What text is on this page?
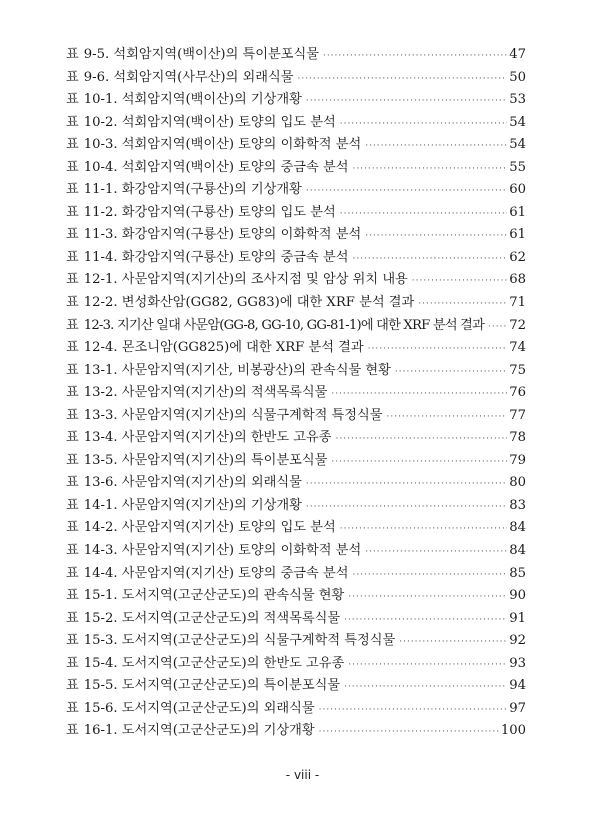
표 9-5. 석회암지역(백이산)의 특이분포식물 ·····	47
표 9-6. 석회암지역(사무산)의 외래식물 ·····	50
표 10-1. 석회암지역(백이산)의 기상개황 ·····	53
표 10-2. 석회암지역(백이산) 토양의 입도 분석 ·····	54
표 10-3. 석회암지역(백이산) 토양의 이화학적 분석 ·····	54
표 10-4. 석회암지역(백이산) 토양의 중금속 분석 ·····	55
표 11-1. 화강암지역(구룡산)의 기상개황 ·····	60
표 11-2. 화강암지역(구룡산) 토양의 입도 분석 ·····	61
표 11-3. 화강암지역(구룡산) 토양의 이화학적 분석 ·····	61
표 11-4. 화강암지역(구룡산) 토양의 중금속 분석 ·····	62
표 12-1. 사문암지역(지기산)의 조사지점 및 암상 위치 내용 ·····	68
표 12-2. 변성화산암(GG82, GG83)에 대한 XRF 분석 결과 ·····	71
표 12-3. 지기산 일대 사문암(GG-8, GG-10, GG-81-1)에 대한 XRF 분석 결과 ····· 72
표 12-4. 몬조니암(GG825)에 대한 XRF 분석 결과 ·····	74
표 13-1. 사문암지역(지기산, 비봉광산)의 관속식물 현황 ·····	75
표 13-2. 사문암지역(지기산)의 적색목록식물 ·····	76
표 13-3. 사문암지역(지기산)의 식물구계학적 특정식물 ·····	77
표 13-4. 사문암지역(지기산)의 한반도 고유종 ·····	78
표 13-5. 사문암지역(지기산)의 특이분포식물 ·····	79
표 13-6. 사문암지역(지기산)의 외래식물 ·····	80
표 14-1. 사문암지역(지기산)의 기상개황 ·····	83
표 14-2. 사문암지역(지기산) 토양의 입도 분석 ·····	84
표 14-3. 사문암지역(지기산) 토양의 이화학적 분석 ·····	84
표 14-4. 사문암지역(지기산) 토양의 중금속 분석 ·····	85
표 15-1. 도서지역(고군산군도)의 관속식물 현황 ·····	90
표 15-2. 도서지역(고군산군도)의 적색목록식물 ·····	91
표 15-3. 도서지역(고군산군도)의 식물구계학적 특정식물 ·····	92
표 15-4. 도서지역(고군산군도)의 한반도 고유종 ·····	93
표 15-5. 도서지역(고군산군도)의 특이분포식물 ·····	94
표 15-6. 도서지역(고군산군도)의 외래식물 ·····	97
표 16-1. 도서지역(고군산군도)의 기상개황 ·····	100
- viii -
